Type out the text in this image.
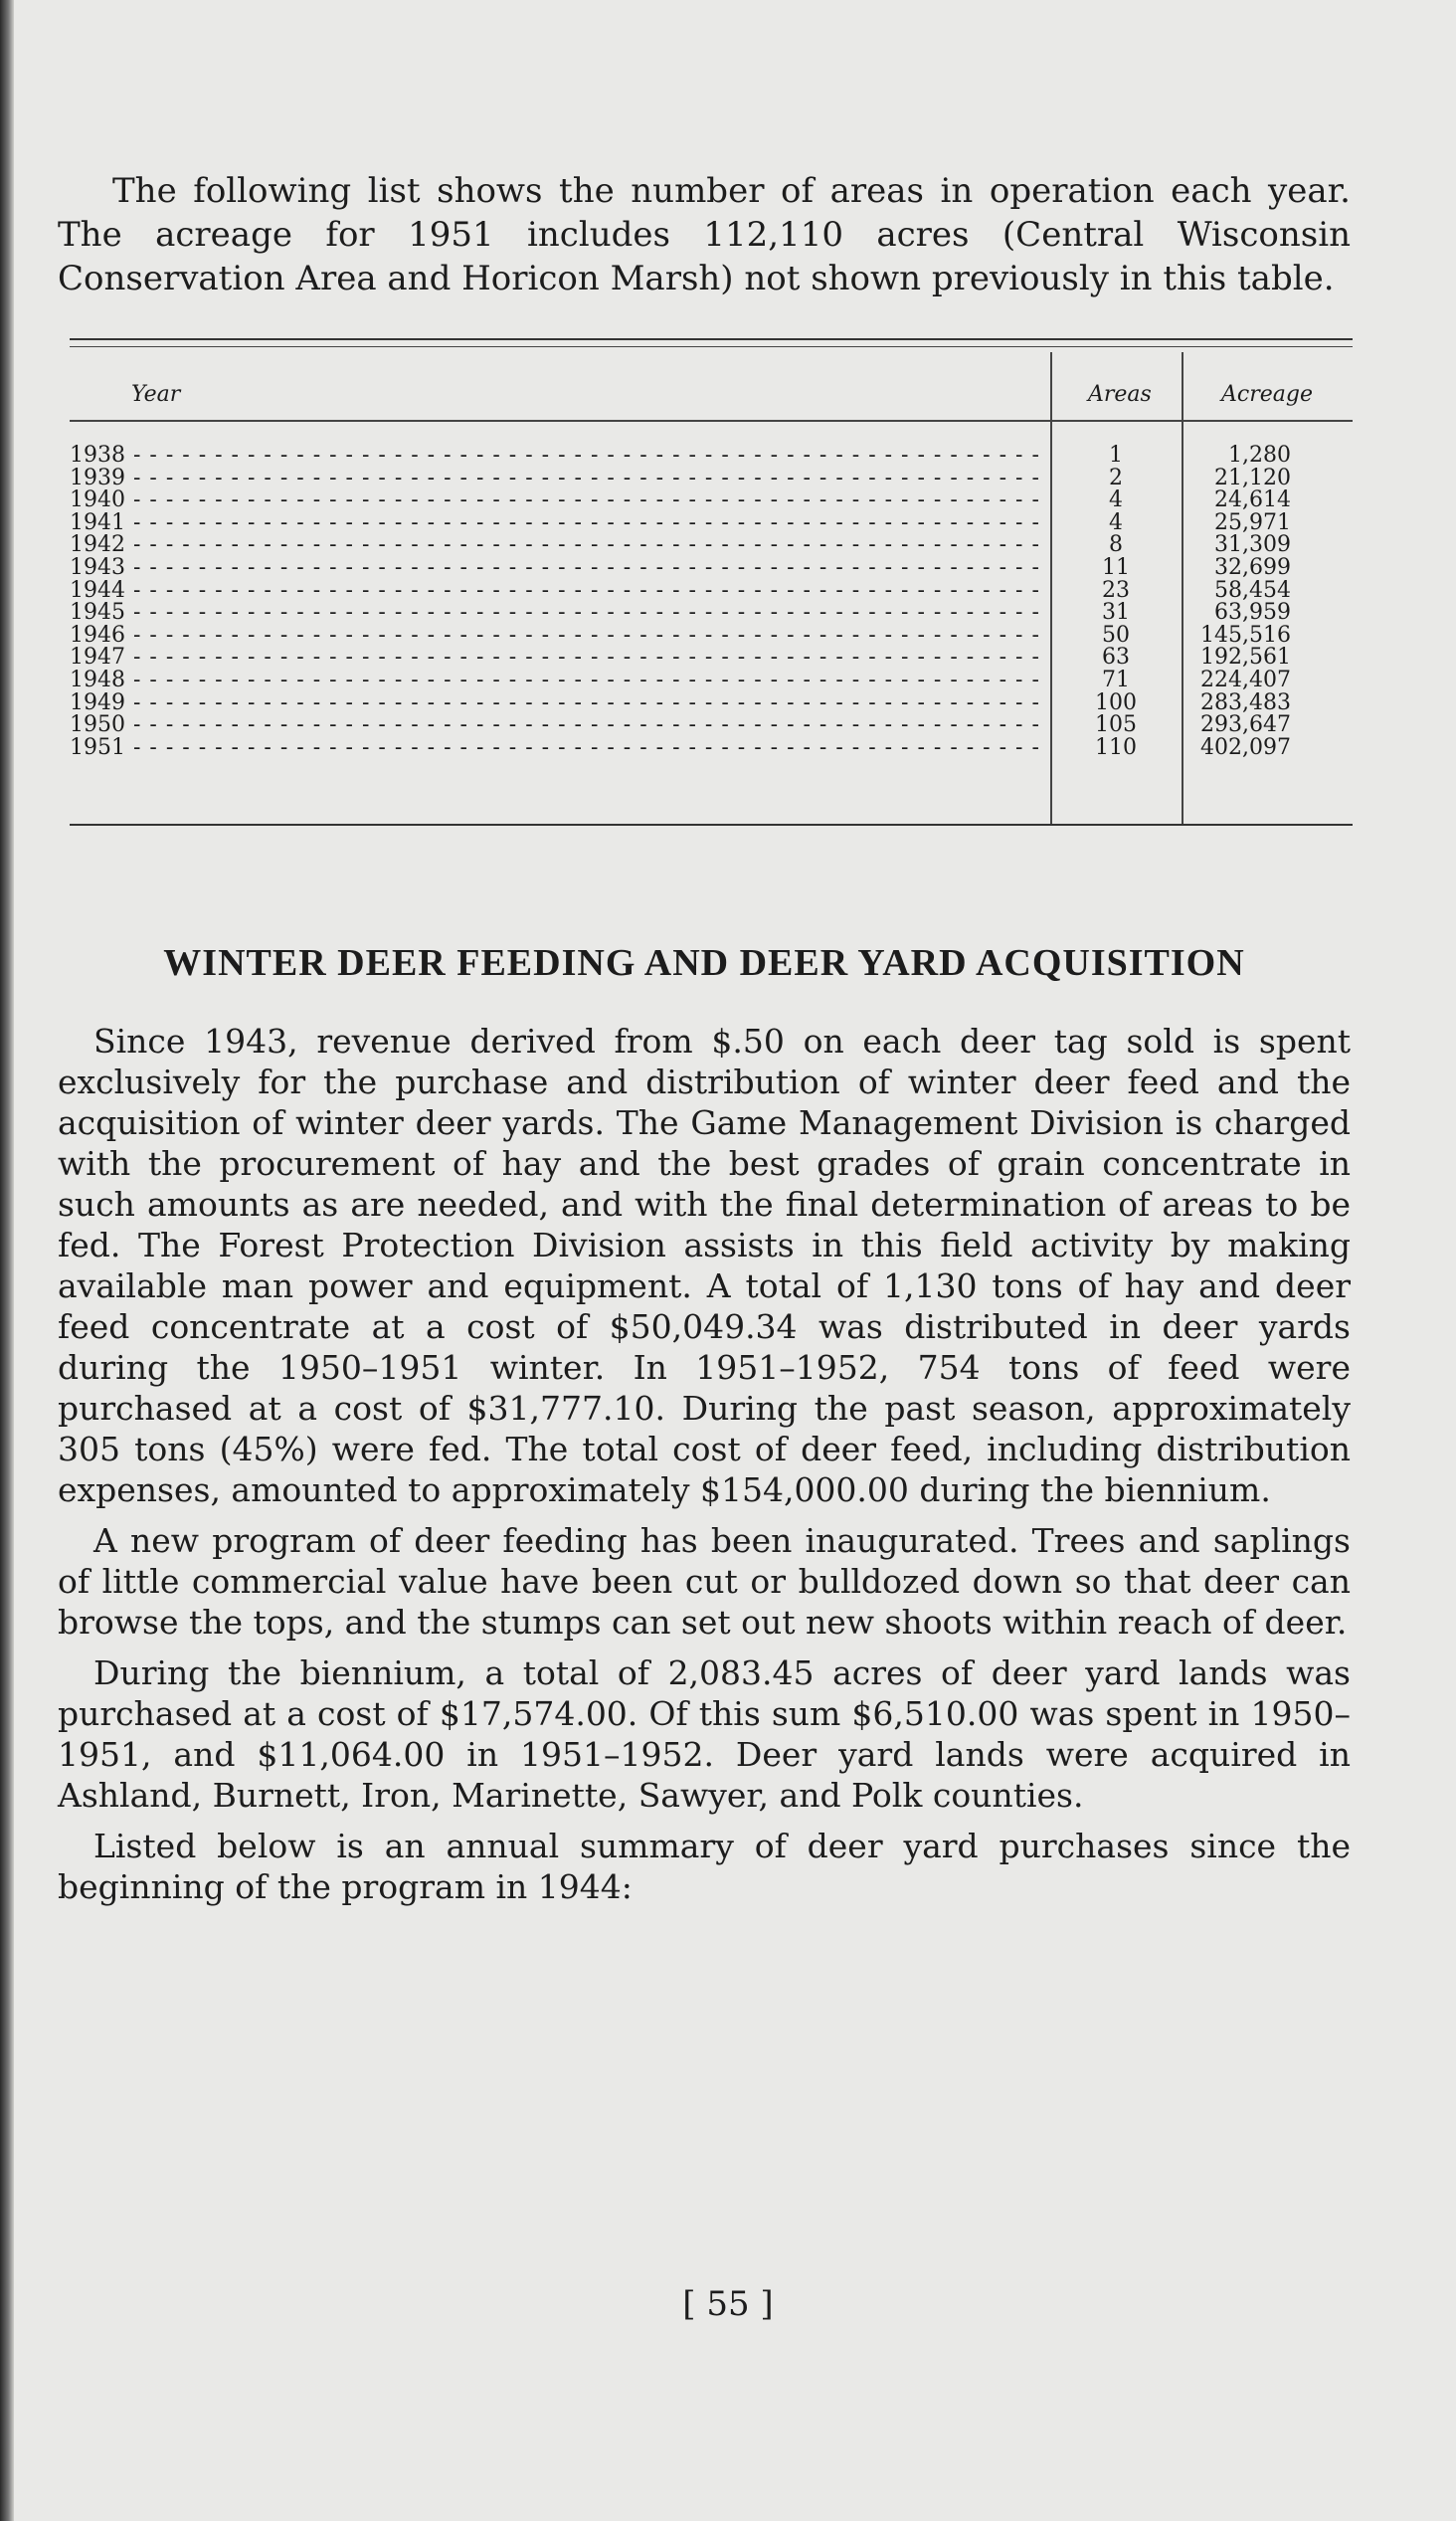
The following list shows the number of areas in operation each year. The acreage for 1951 includes 112,110 acres (Central Wisconsin Conservation Area and Horicon Marsh) not shown previously in this table.

Year	Areas	Acreage
1938 - - -	1	1,280
1939 - - -	2	21,120
1940 - - -	4	24,614
1941 - - -	4	25,971
1942 - - -	8	31,309
1943 - - -	11	32,699
1944 - - -	23	58,454
1945 - - -	31	63,959
1946 - - -	50	145,516
1947 - - -	63	192,561
1948 - - -	71	224,407
1949 - - -	100	283,483
1950 - - -	105	293,647
1951 - - -	110	402,097
WINTER DEER FEEDING AND DEER YARD ACQUISITION

Since 1943, revenue derived from $.50 on each deer tag sold is spent exclusively for the purchase and distribution of winter deer feed and the acquisition of winter deer yards. The Game Management Division is charged with the procurement of hay and the best grades of grain concentrate in such amounts as are needed, and with the final determination of areas to be fed. The Forest Protection Division assists in this field activity by making available man power and equipment. A total of 1,130 tons of hay and deer feed concentrate at a cost of $50,049.34 was distributed in deer yards during the 1950–1951 winter. In 1951–1952, 754 tons of feed were purchased at a cost of $31,777.10. During the past season, approximately 305 tons (45%) were fed. The total cost of deer feed, including distribution expenses, amounted to approximately $154,000.00 during the biennium.

A new program of deer feeding has been inaugurated. Trees and saplings of little commercial value have been cut or bulldozed down so that deer can browse the tops, and the stumps can set out new shoots within reach of deer.

During the biennium, a total of 2,083.45 acres of deer yard lands was purchased at a cost of $17,574.00. Of this sum $6,510.00 was spent in 1950–1951, and $11,064.00 in 1951–1952. Deer yard lands were acquired in Ashland, Burnett, Iron, Marinette, Sawyer, and Polk counties.

Listed below is an annual summary of deer yard purchases since the beginning of the program in 1944:

[ 55 ]
